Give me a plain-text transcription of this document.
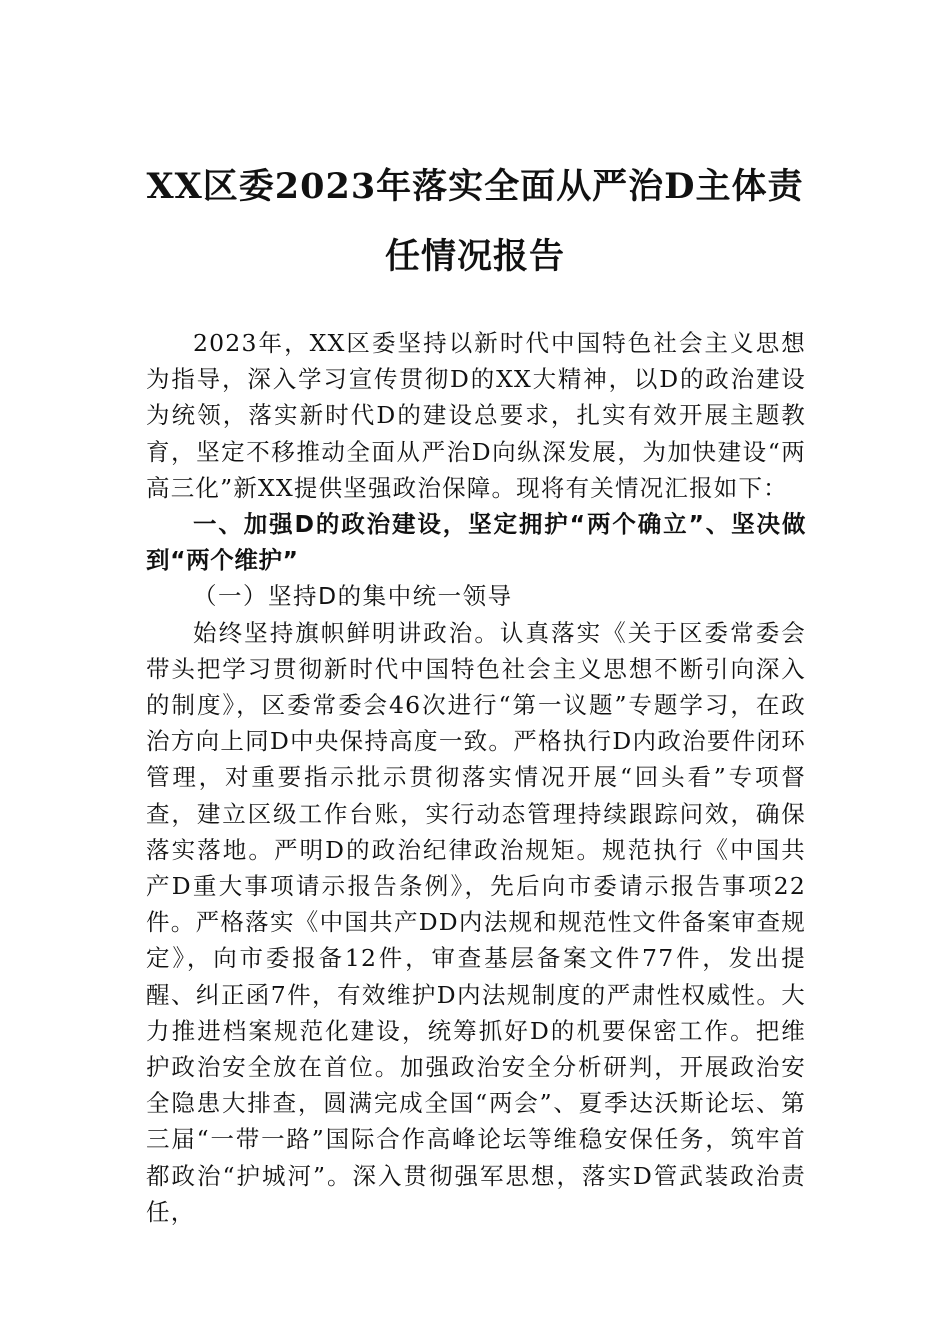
XX区委2023年落实全面从严治D主体责任情况报告

2023年，XX区委坚持以新时代中国特色社会主义思想为指导，深入学习宣传贯彻D的XX大精神，以D的政治建设为统领，落实新时代D的建设总要求，扎实有效开展主题教育，坚定不移推动全面从严治D向纵深发展，为加快建设“两高三化”新XX提供坚强政治保障。现将有关情况汇报如下：

一、加强D的政治建设，坚定拥护“两个确立”、坚决做到“两个维护”

（一）坚持D的集中统一领导

始终坚持旗帜鲜明讲政治。认真落实《关于区委常委会带头把学习贯彻新时代中国特色社会主义思想不断引向深入的制度》，区委常委会46次进行“第一议题”专题学习，在政治方向上同D中央保持高度一致。严格执行D内政治要件闭环管理，对重要指示批示贯彻落实情况开展“回头看”专项督查，建立区级工作台账，实行动态管理持续跟踪问效，确保落实落地。严明D的政治纪律政治规矩。规范执行《中国共产D重大事项请示报告条例》，先后向市委请示报告事项22件。严格落实《中国共产DD内法规和规范性文件备案审查规定》，向市委报备12件，审查基层备案文件77件，发出提醒、纠正函7件，有效维护D内法规制度的严肃性权威性。大力推进档案规范化建设，统筹抓好D的机要保密工作。把维护政治安全放在首位。加强政治安全分析研判，开展政治安全隐患大排查，圆满完成全国“两会”、夏季达沃斯论坛、第三届“一带一路”国际合作高峰论坛等维稳安保任务，筑牢首都政治“护城河”。深入贯彻强军思想，落实D管武装政治责任，
